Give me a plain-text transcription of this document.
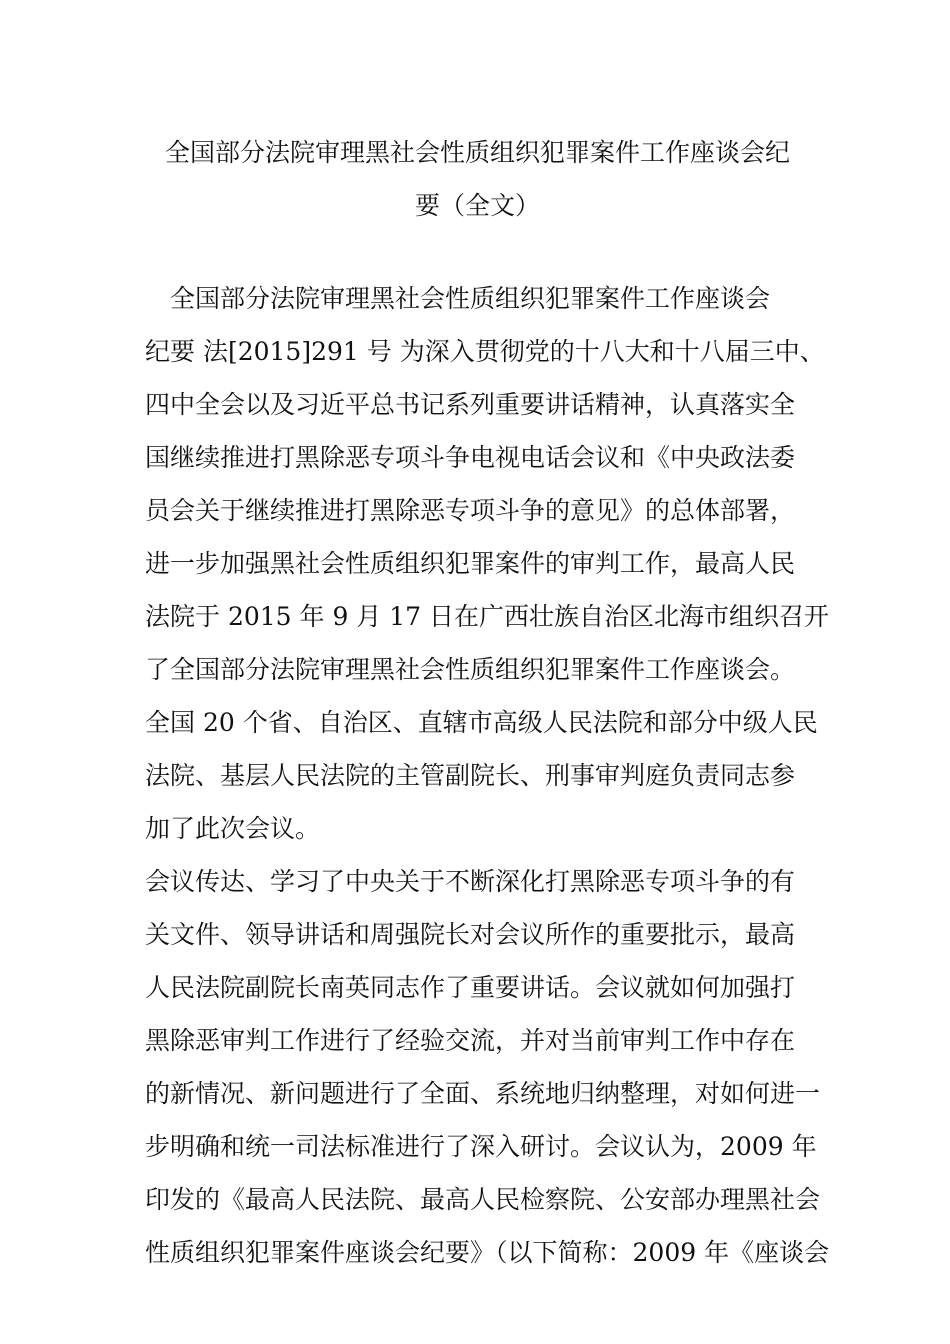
全国部分法院审理黑社会性质组织犯罪案件工作座谈会纪
要（全文）
全国部分法院审理黑社会性质组织犯罪案件工作座谈会
纪要 法[2015]291 号 为深入贯彻党的十八大和十八届三中、
四中全会以及习近平总书记系列重要讲话精神，认真落实全
国继续推进打黑除恶专项斗争电视电话会议和《中央政法委
员会关于继续推进打黑除恶专项斗争的意见》的总体部署，
进一步加强黑社会性质组织犯罪案件的审判工作，最高人民
法院于 2015 年 9 月 17 日在广西壮族自治区北海市组织召开
了全国部分法院审理黑社会性质组织犯罪案件工作座谈会。
全国 20 个省、自治区、直辖市高级人民法院和部分中级人民
法院、基层人民法院的主管副院长、刑事审判庭负责同志参
加了此次会议。
会议传达、学习了中央关于不断深化打黑除恶专项斗争的有
关文件、领导讲话和周强院长对会议所作的重要批示，最高
人民法院副院长南英同志作了重要讲话。会议就如何加强打
黑除恶审判工作进行了经验交流，并对当前审判工作中存在
的新情况、新问题进行了全面、系统地归纳整理，对如何进一
步明确和统一司法标准进行了深入研讨。会议认为，2009 年
印发的《最高人民法院、最高人民检察院、公安部办理黑社会
性质组织犯罪案件座谈会纪要》（以下简称：2009 年《座谈会
